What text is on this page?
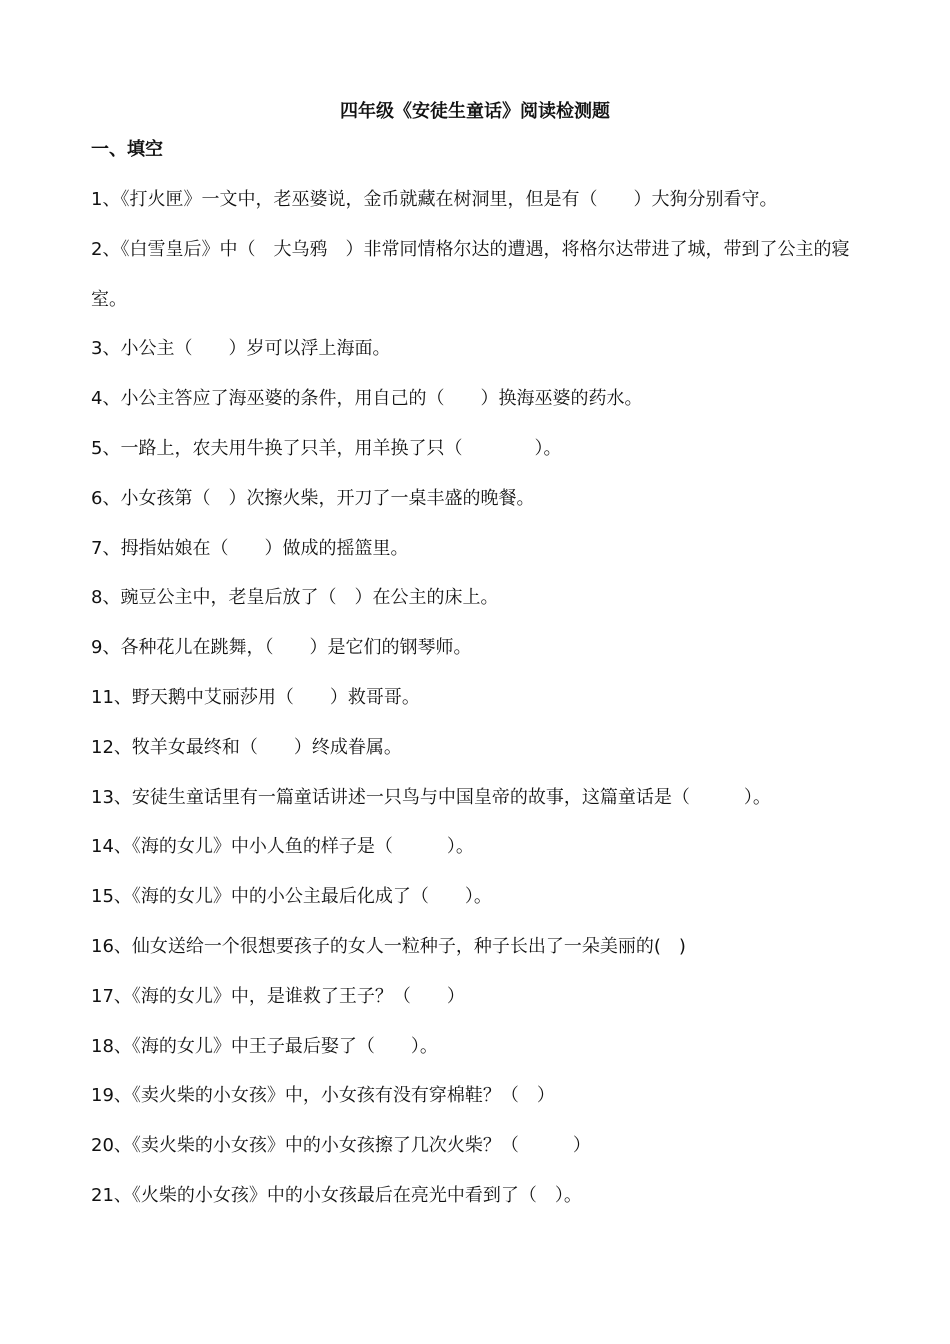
四年级《安徒生童话》阅读检测题
一、填空
1、《打火匣》一文中，老巫婆说，金币就藏在树洞里，但是有（　　）大狗分别看守。
2、《白雪皇后》中（　大乌鸦　）非常同情格尔达的遭遇，将格尔达带进了城，带到了公主的寝室。
3、小公主（　　）岁可以浮上海面。
4、小公主答应了海巫婆的条件，用自己的（　　）换海巫婆的药水。
5、一路上，农夫用牛换了只羊，用羊换了只（　　　　）。
6、小女孩第（　）次擦火柴，开刀了一桌丰盛的晚餐。
7、拇指姑娘在（　　）做成的摇篮里。
8、豌豆公主中，老皇后放了（　）在公主的床上。
9、各种花儿在跳舞，（　　）是它们的钢琴师。
11、野天鹅中艾丽莎用（　　）救哥哥。
12、牧羊女最终和（　　）终成眷属。
13、安徒生童话里有一篇童话讲述一只鸟与中国皇帝的故事，这篇童话是（　　　）。
14、《海的女儿》中小人鱼的样子是（　　　）。
15、《海的女儿》中的小公主最后化成了（　　）。
16、仙女送给一个很想要孩子的女人一粒种子，种子长出了一朵美丽的(　)
17、《海的女儿》中，是谁救了王子？（　　）
18、《海的女儿》中王子最后娶了（　　）。
19、《卖火柴的小女孩》中，小女孩有没有穿棉鞋？（　）
20、《卖火柴的小女孩》中的小女孩擦了几次火柴？（　　　）
21、《火柴的小女孩》中的小女孩最后在亮光中看到了（　）。
